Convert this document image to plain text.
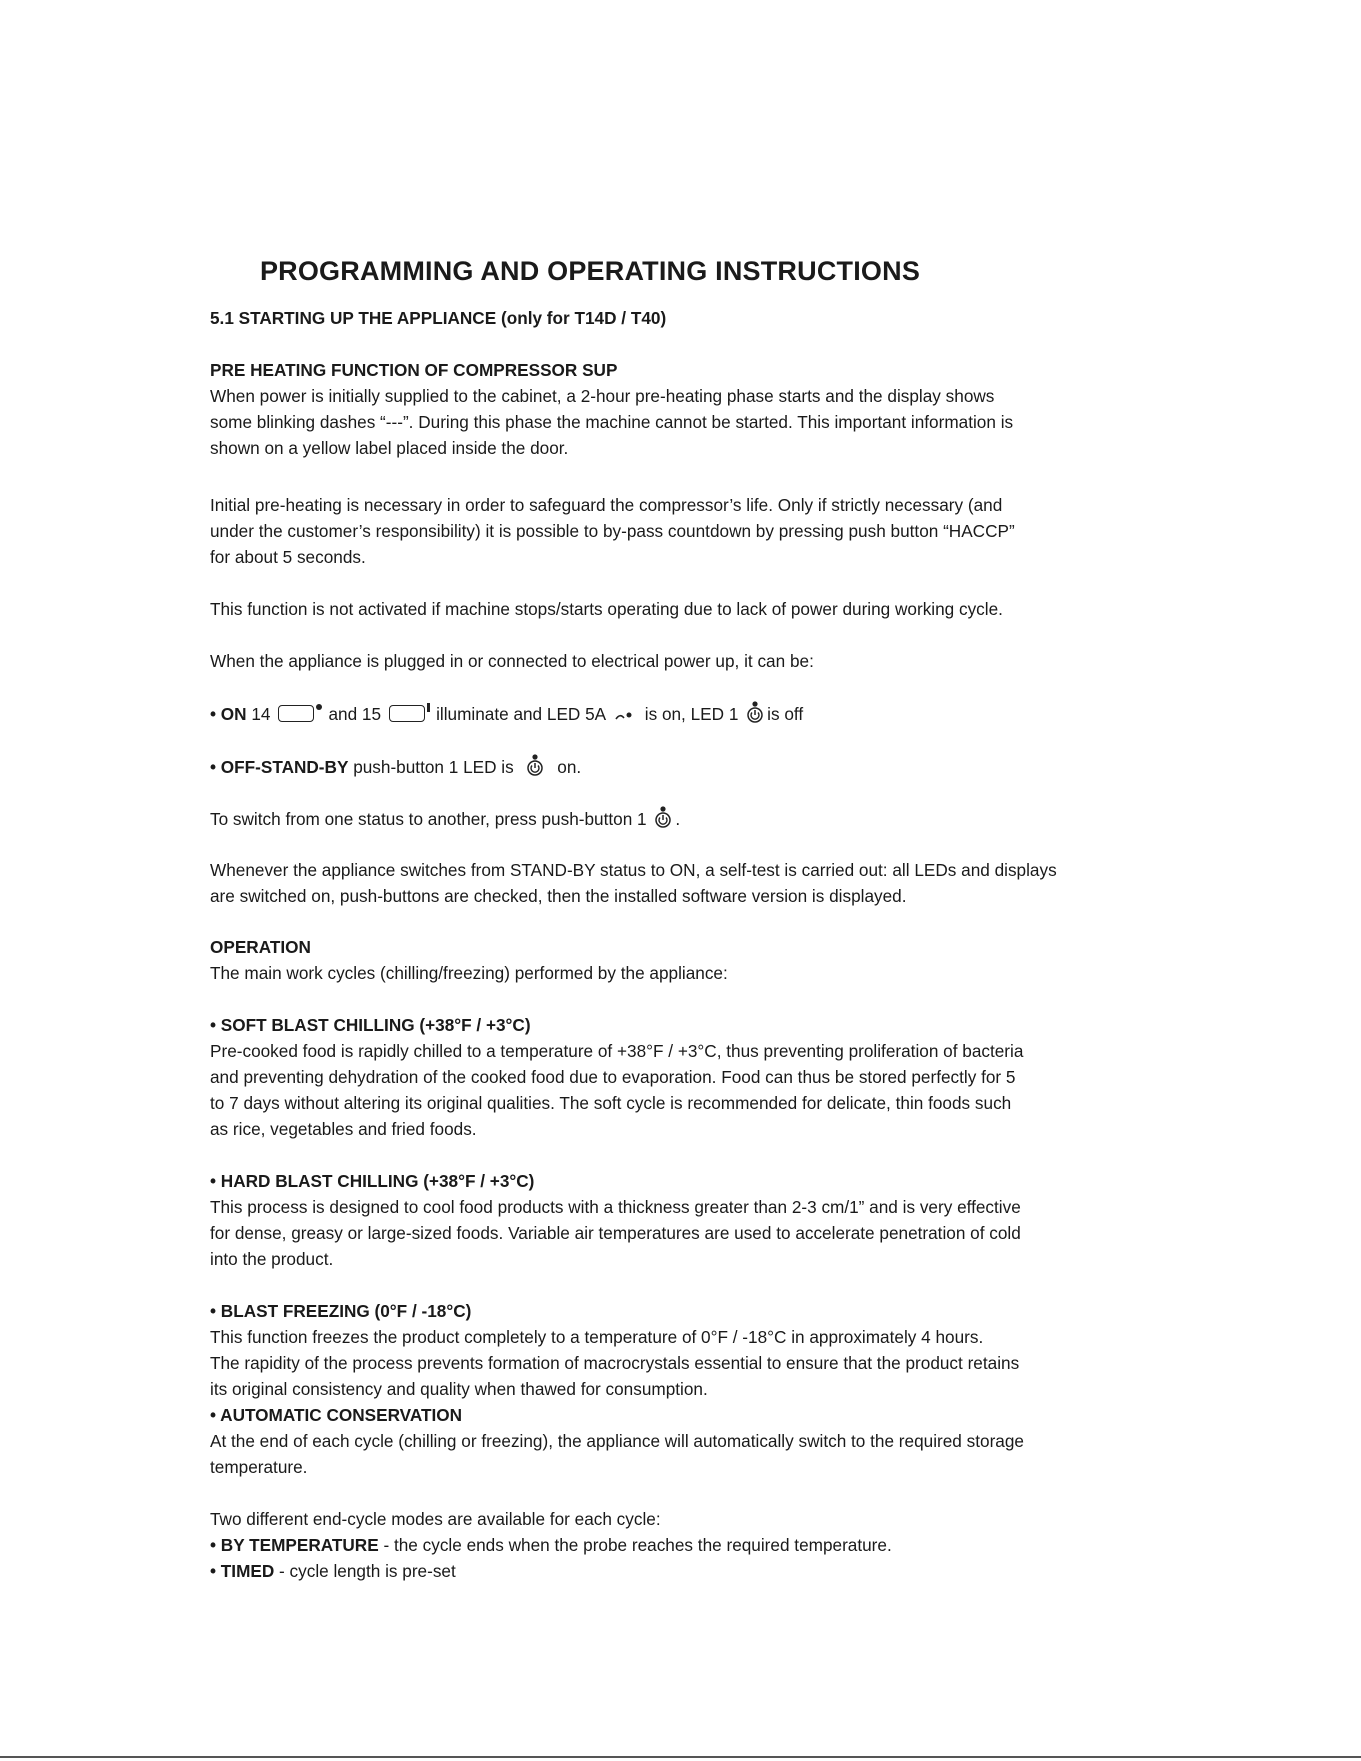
PROGRAMMING AND OPERATING INSTRUCTIONS
5.1 STARTING UP THE APPLIANCE (only for T14D / T40)
PRE HEATING FUNCTION OF COMPRESSOR SUP
When power is initially supplied to the cabinet, a 2-hour pre-heating phase starts and the display shows
some blinking dashes “---”. During this phase the machine cannot be started. This important information is
shown on a yellow label placed inside the door.
Initial pre-heating is necessary in order to safeguard the compressor’s life. Only if strictly necessary (and
under the customer’s responsibility) it is possible to by-pass countdown by pressing push button “HACCP”
for about 5 seconds.
This function is not activated if machine stops/starts operating due to lack of power during working cycle.
When the appliance is plugged in or connected to electrical power up, it can be:
• ON 14	and 15	illuminate and LED 5A is on, LED 1 is off
• OFF-STAND-BY push-button 1 LED is	on.
To switch from one status to another, press push-button 1 .
Whenever the appliance switches from STAND-BY status to ON, a self-test is carried out: all LEDs and displays
are switched on, push-buttons are checked, then the installed software version is displayed.
OPERATION
The main work cycles (chilling/freezing) performed by the appliance:
• SOFT BLAST CHILLING (+38°F / +3°C)
Pre-cooked food is rapidly chilled to a temperature of +38°F / +3°C, thus preventing proliferation of bacteria
and preventing dehydration of the cooked food due to evaporation. Food can thus be stored perfectly for 5
to 7 days without altering its original qualities. The soft cycle is recommended for delicate, thin foods such
as rice, vegetables and fried foods.
• HARD BLAST CHILLING (+38°F / +3°C)
This process is designed to cool food products with a thickness greater than 2-3 cm/1” and is very effective
for dense, greasy or large-sized foods. Variable air temperatures are used to accelerate penetration of cold
into the product.
• BLAST FREEZING (0°F / -18°C)
This function freezes the product completely to a temperature of 0°F / -18°C in approximately 4 hours.
The rapidity of the process prevents formation of macrocrystals essential to ensure that the product retains
its original consistency and quality when thawed for consumption.
• AUTOMATIC CONSERVATION
At the end of each cycle (chilling or freezing), the appliance will automatically switch to the required storage
temperature.
Two different end-cycle modes are available for each cycle:
• BY TEMPERATURE - the cycle ends when the probe reaches the required temperature.
• TIMED - cycle length is pre-set
